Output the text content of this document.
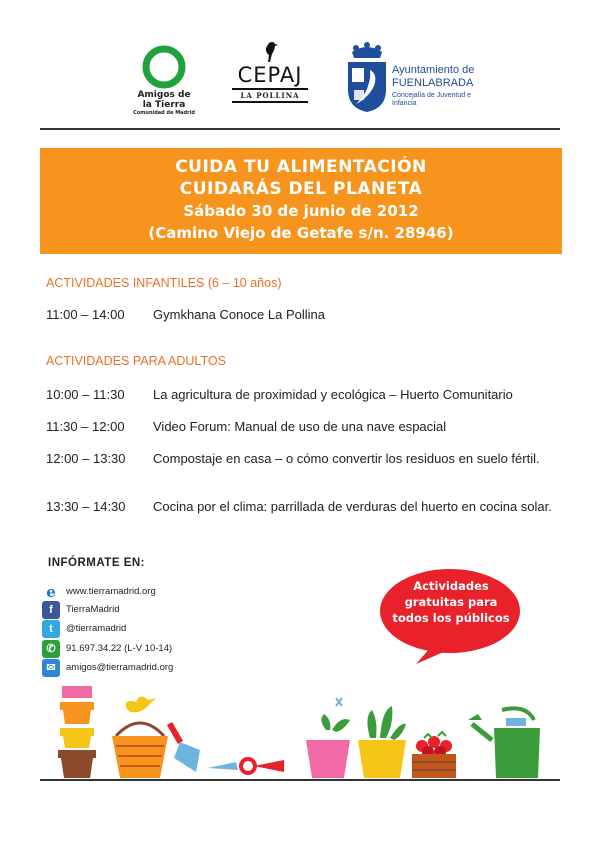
Amigos de
la Tierra
Comunidad de Madrid
CEPAJ
LA POLLINA
Ayuntamiento de
FUENLABRADA
Concejalía de Juventud e Infancia
CUIDA TU ALIMENTACIÓN
CUIDARÁS DEL PLANETA
Sábado 30 de junio de 2012
(Camino Viejo de Getafe s/n. 28946)
ACTIVIDADES INFANTILES (6 – 10 años)
11:00 – 14:00	Gymkhana Conoce La Pollina
ACTIVIDADES PARA ADULTOS
10:00 – 11:30	La agricultura de proximidad y ecológica – Huerto Comunitario
11:30 – 12:00	Video Forum: Manual de uso de una nave espacial
12:00 – 13:30	Compostaje en casa – o cómo convertir los residuos en suelo fértil.
13:30 – 14:30	Cocina por el clima: parrillada de verduras del huerto en cocina solar.
INFÓRMATE EN:
e	www.tierramadrid.org
f	TierraMadrid
t	@tierramadrid
✆	91.697.34.22 (L-V 10-14)
✉	amigos@tierramadrid.org
Actividades gratuitas para todos los públicos
